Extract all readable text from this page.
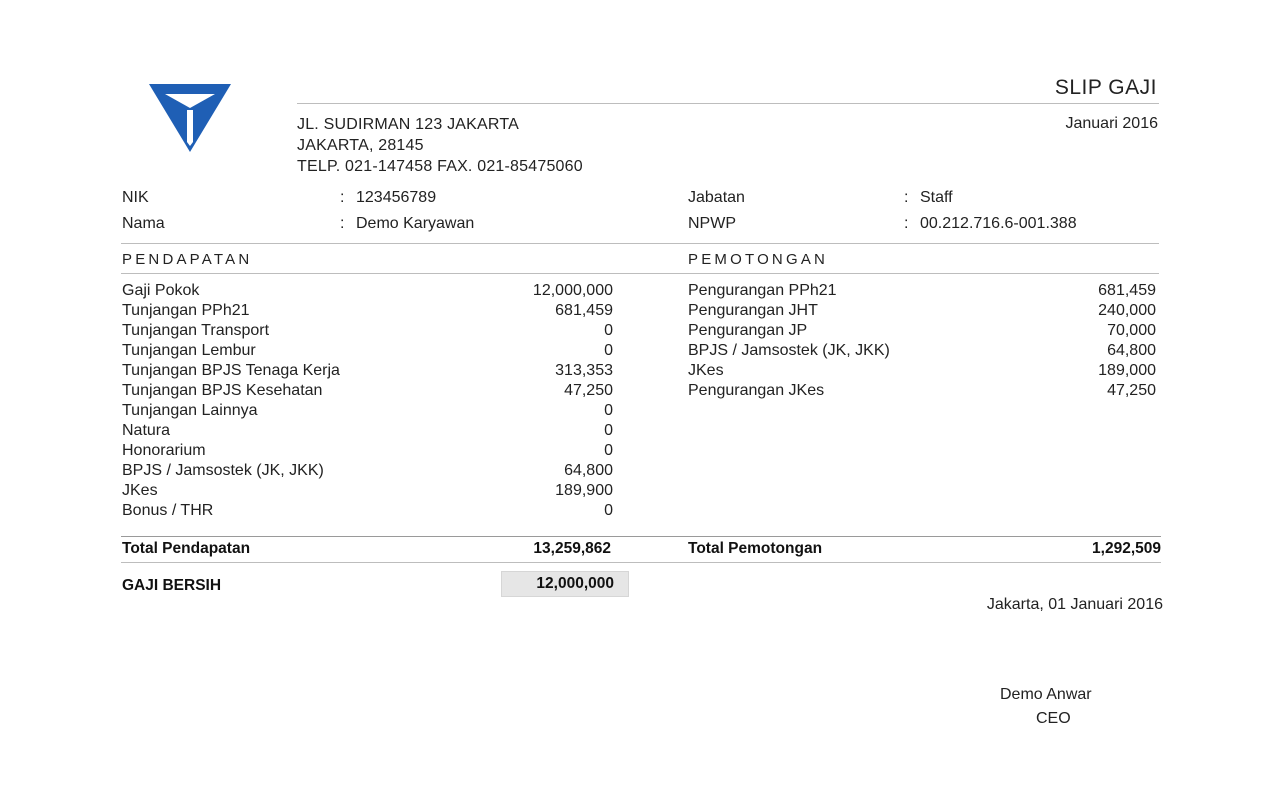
SLIP GAJI
Januari 2016
JL. SUDIRMAN 123 JAKARTA
JAKARTA, 28145
TELP. 021-147458 FAX. 021-85475060
NIK	: 123456789
Nama	: Demo Karyawan
Jabatan	: Staff
NPWP	: 00.212.716.6-001.388
PENDAPATAN	PEMOTONGAN
Gaji Pokok	12,000,000
Tunjangan PPh21	681,459
Tunjangan Transport	0
Tunjangan Lembur	0
Tunjangan BPJS Tenaga Kerja	313,353
Tunjangan BPJS Kesehatan	47,250
Tunjangan Lainnya	0
Natura	0
Honorarium	0
BPJS / Jamsostek (JK, JKK)	64,800
JKes	189,900
Bonus / THR	0
Pengurangan PPh21	681,459
Pengurangan JHT	240,000
Pengurangan JP	70,000
BPJS / Jamsostek (JK, JKK)	64,800
JKes	189,000
Pengurangan JKes	47,250
Total Pendapatan	13,259,862	Total Pemotongan	1,292,509
GAJI BERSIH	12,000,000
Jakarta, 01 Januari 2016
Demo Anwar
CEO
